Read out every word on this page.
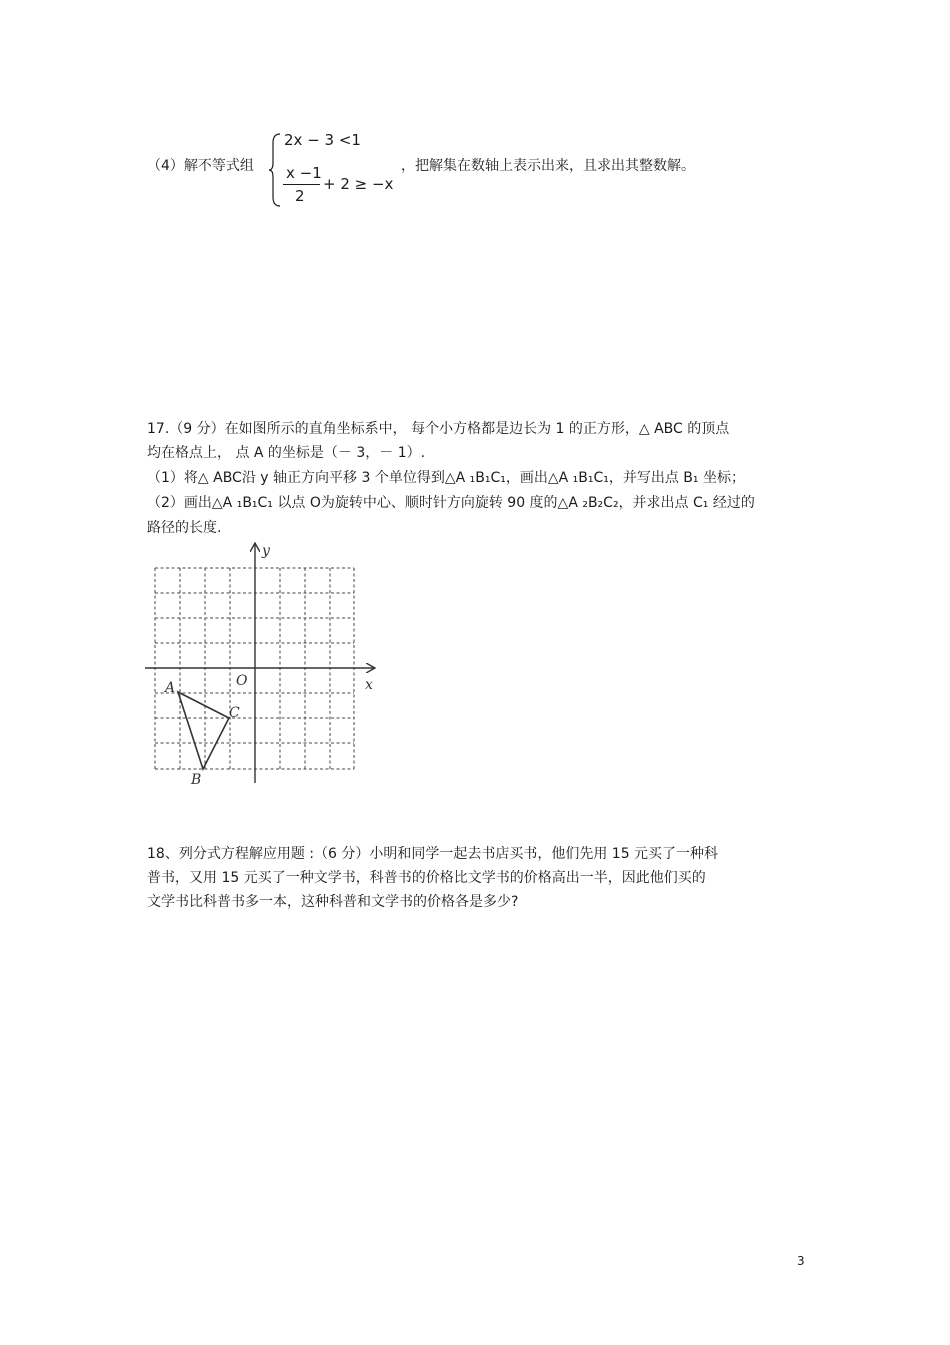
（4）解不等式组
2x − 3 <1
x −1
2
+ 2 ≥ −x
，把解集在数轴上表示出来，且求出其整数解。
17.（9 分）在如图所示的直角坐标系中， 每个小方格都是边长为 1 的正方形，△ ABC 的顶点
均在格点上， 点 A 的坐标是（－ 3，－ 1）.
（1）将△ ABC沿 y 轴正方向平移 3 个单位得到△A ₁B₁C₁，画出△A ₁B₁C₁，并写出点 B₁ 坐标；
（2）画出△A ₁B₁C₁ 以点 O为旋转中心、顺时针方向旋转 90 度的△A ₂B₂C₂，并求出点 C₁ 经过的
路径的长度.
y
x
O
A
B
C
18、列分式方程解应用题 :（6 分）小明和同学一起去书店买书，他们先用 15 元买了一种科
普书，又用 15 元买了一种文学书，科普书的价格比文学书的价格高出一半，因此他们买的
文学书比科普书多一本，这种科普和文学书的价格各是多少?
3
